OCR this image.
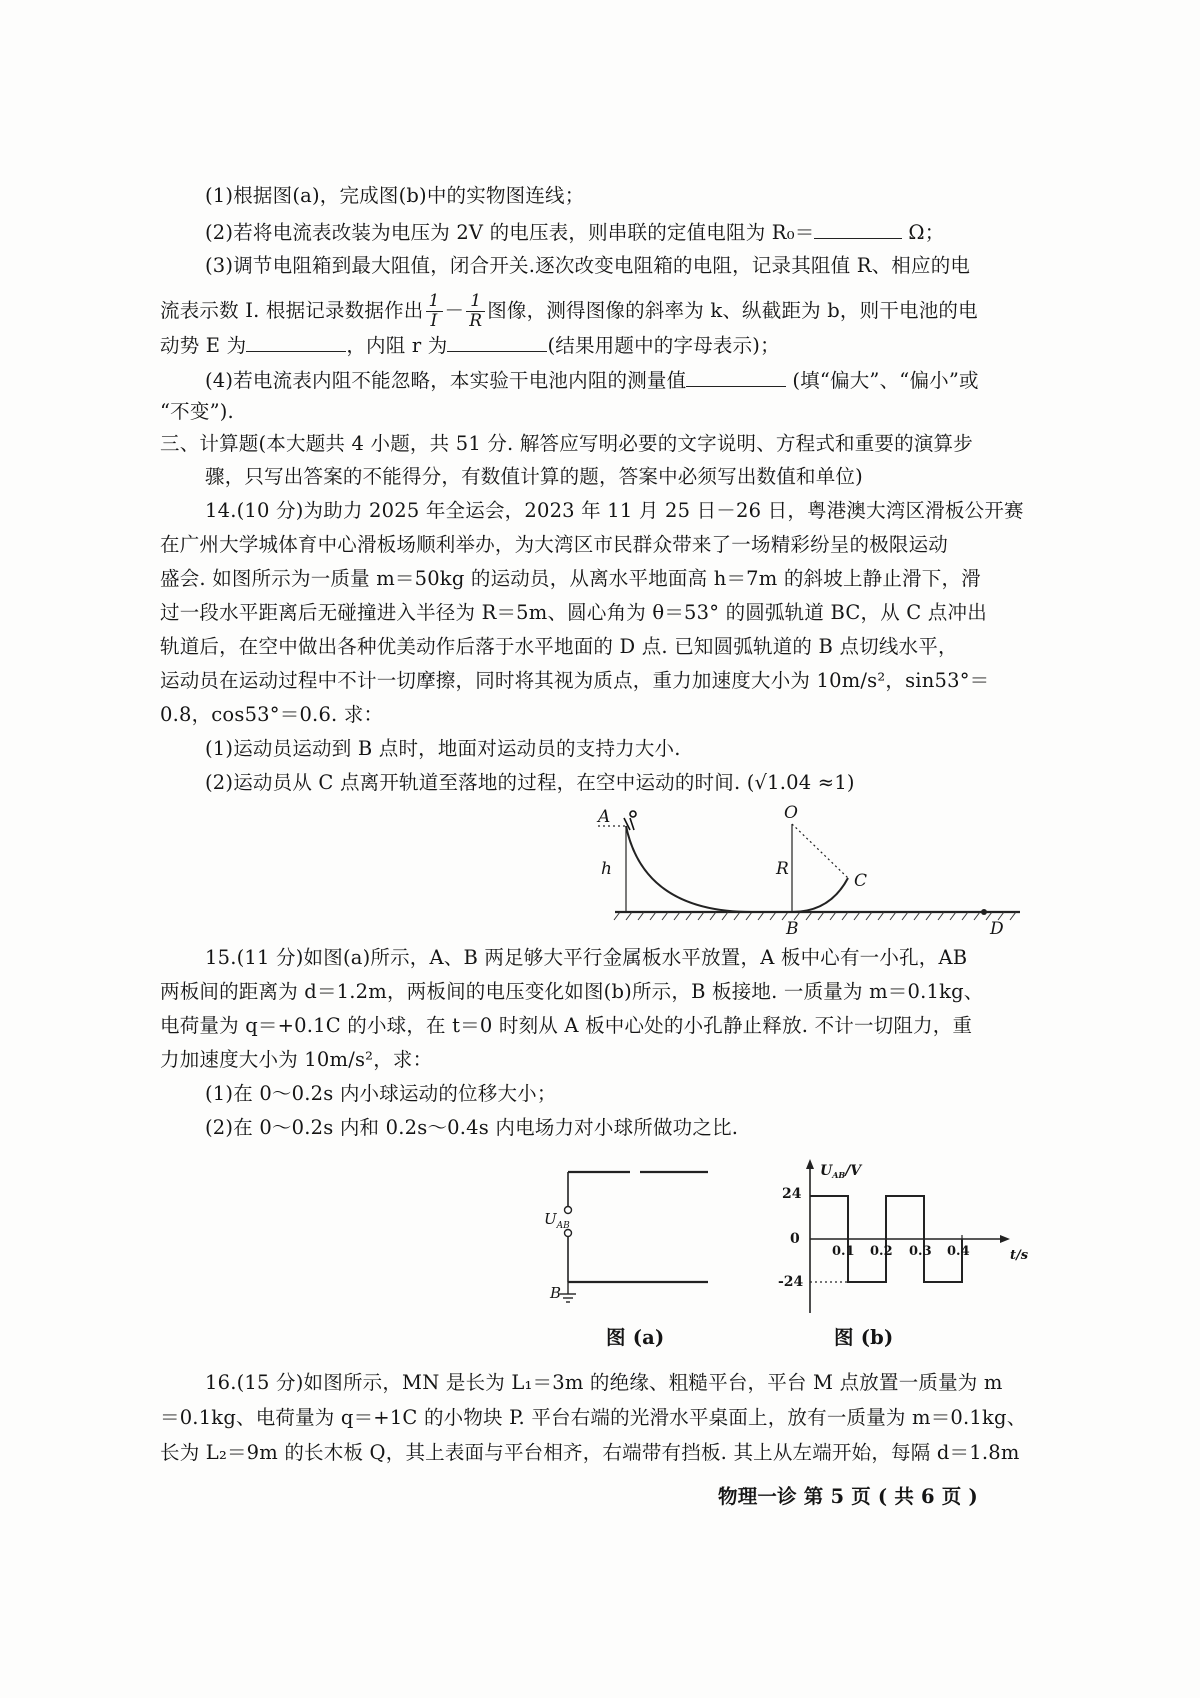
(1)根据图(a)，完成图(b)中的实物图连线；
(2)若将电流表改装为电压为 2V 的电压表，则串联的定值电阻为 R₀＝	Ω；
(3)调节电阻箱到最大阻值，闭合开关.逐次改变电阻箱的电阻，记录其阻值 R、相应的电
流表示数 I. 根据记录数据作出 $\frac{1}{I} - \frac{1}{R}$ 图像，测得图像的斜率为 k、纵截距为 b，则干电池的电
动势 E 为	，内阻 r 为	(结果用题中的字母表示)；
(4)若电流表内阻不能忽略，本实验干电池内阻的测量值	(填“偏大”、“偏小”或
“不变”).
三、计算题(本大题共 4 小题，共 51 分. 解答应写明必要的文字说明、方程式和重要的演算步
骤，只写出答案的不能得分，有数值计算的题，答案中必须写出数值和单位)
14.(10 分)为助力 2025 年全运会，2023 年 11 月 25 日－26 日，粤港澳大湾区滑板公开赛
在广州大学城体育中心滑板场顺利举办，为大湾区市民群众带来了一场精彩纷呈的极限运动
盛会. 如图所示为一质量 m＝50kg 的运动员，从离水平地面高 h＝7m 的斜坡上静止滑下，滑
过一段水平距离后无碰撞进入半径为 R＝5m、圆心角为 θ＝53° 的圆弧轨道 BC，从 C 点冲出
轨道后，在空中做出各种优美动作后落于水平地面的 D 点. 已知圆弧轨道的 B 点切线水平，
运动员在运动过程中不计一切摩擦，同时将其视为质点，重力加速度大小为 10m/s²，sin53°＝
0.8，cos53°＝0.6. 求：
(1)运动员运动到 B 点时，地面对运动员的支持力大小.
(2)运动员从 C 点离开轨道至落地的过程，在空中运动的时间. (√1.04 ≈1)
A
h
O
R
C
B	D
15.(11 分)如图(a)所示，A、B 两足够大平行金属板水平放置，A 板中心有一小孔，AB
两板间的距离为 d＝1.2m，两板间的电压变化如图(b)所示，B 板接地. 一质量为 m＝0.1kg、
电荷量为 q＝+0.1C 的小球，在 t＝0 时刻从 A 板中心处的小孔静止释放. 不计一切阻力，重
力加速度大小为 10m/s²，求：
(1)在 0～0.2s 内小球运动的位移大小；
(2)在 0～0.2s 内和 0.2s～0.4s 内电场力对小球所做功之比.
$U_{AB}$
B
图 (a)
$U_{AB}/V$
24
0
-24
0.1 0.2 0.3 0.4	t/s
图 (b)
16.(15 分)如图所示，MN 是长为 L₁＝3m 的绝缘、粗糙平台，平台 M 点放置一质量为 m
＝0.1kg、电荷量为 q＝+1C 的小物块 P. 平台右端的光滑水平桌面上，放有一质量为 m＝0.1kg、
长为 L₂＝9m 的长木板 Q，其上表面与平台相齐，右端带有挡板. 其上从左端开始，每隔 d＝1.8m
物理一诊 第 5 页 ( 共 6 页 )
